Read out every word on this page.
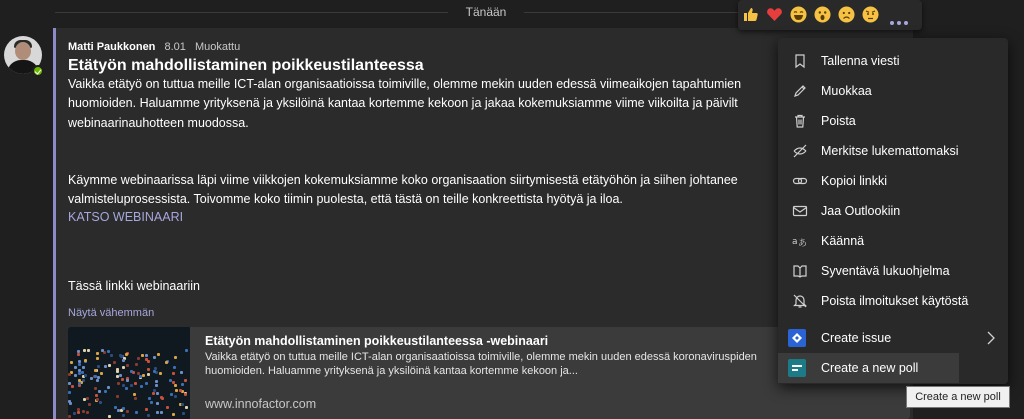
Tänään
Matti Paukkonen 8.01 Muokattu
Etätyön mahdollistaminen poikkeustilanteessa
Vaikka etätyö on tuttua meille ICT-alan organisaatioissa toimiville, olemme mekin uuden edessä viimeaikojen tapahtumien
huomioiden. Haluamme yrityksenä ja yksilöinä kantaa kortemme kekoon ja jakaa kokemuksiamme viime viikoilta ja päivilt
webinaarinauhotteen muodossa.
Käymme webinaarissa läpi viime viikkojen kokemuksiamme koko organisaation siirtymisestä etätyöhön ja siihen johtanee
valmisteluprosessista. Toivomme koko tiimin puolesta, että tästä on teille konkreettista hyötyä ja iloa.
KATSO WEBINAARI
Tässä linkki webinaariin
Näytä vähemmän
Etätyön mahdollistaminen poikkeustilanteessa -webinaari
Vaikka etätyö on tuttua meille ICT-alan organisaatioissa toimiville, olemme mekin uuden edessä koronaviruspiden
huomioiden. Haluamme yrityksenä ja yksilöinä kantaa kortemme kekoon ja...
www.innofactor.com
Tallenna viesti
Muokkaa
Poista
Merkitse lukemattomaksi
Kopioi linkki
Jaa Outlookiin
a あ Käännä
Syventävä lukuohjelma
Poista ilmoitukset käytöstä
Create issue
Create a new poll
Create a new poll
